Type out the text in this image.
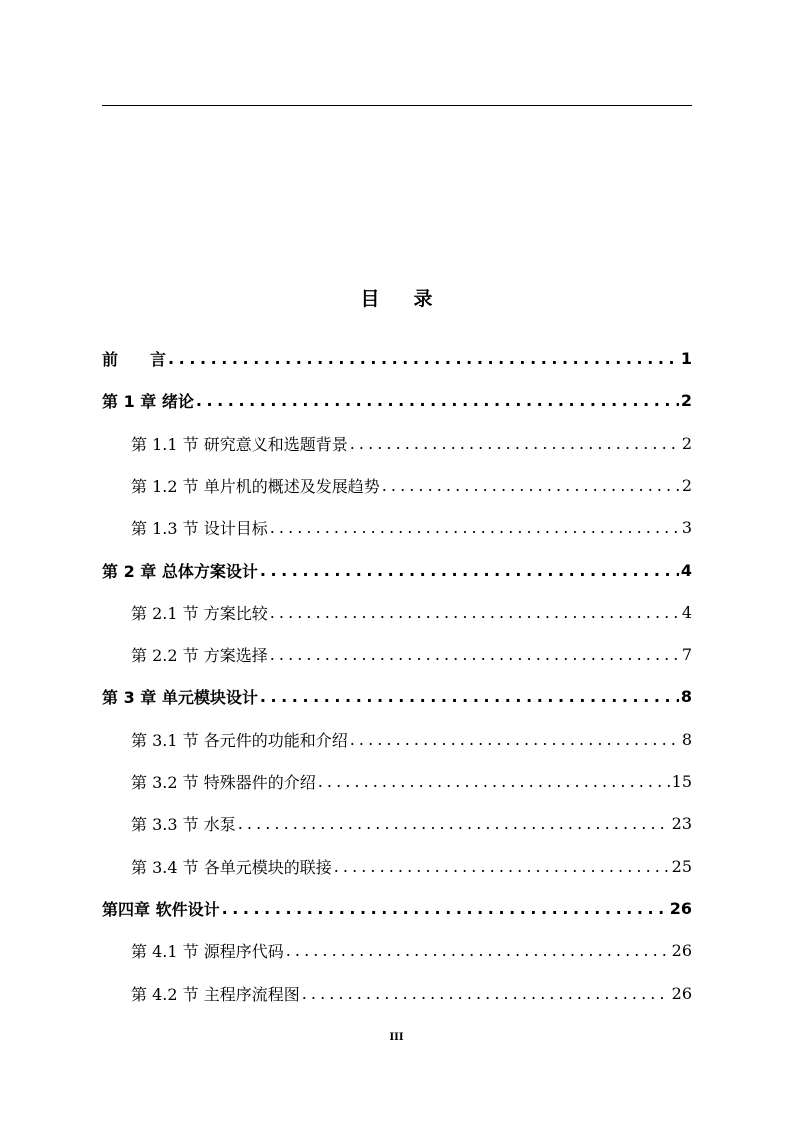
目 录
前　　言 . . .	1
第 1 章 绪论 . . .	2
第 1.1 节 研究意义和选题背景 . . .	2
第 1.2 节 单片机的概述及发展趋势 . . .	2
第 1.3 节 设计目标 . . .	3
第 2 章 总体方案设计 . . .	4
第 2.1 节 方案比较 . . .	4
第 2.2 节 方案选择 . . .	7
第 3 章 单元模块设计 . . .	8
第 3.1 节 各元件的功能和介绍 . . .	8
第 3.2 节 特殊器件的介绍 . . .	15
第 3.3 节 水泵 . . .	23
第 3.4 节 各单元模块的联接 . . .	25
第四章 软件设计 . . .	26
第 4.1 节 源程序代码 . . .	26
第 4.2 节 主程序流程图 . . .	26
III
